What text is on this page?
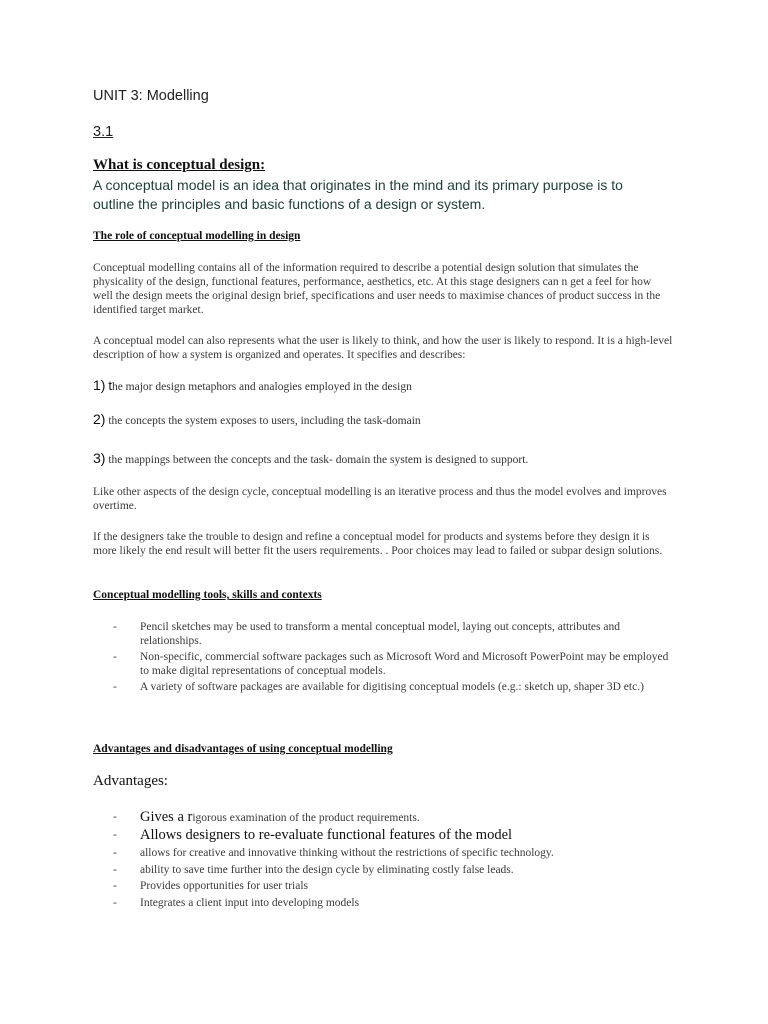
UNIT 3: Modelling
3.1
What is conceptual design:
A conceptual model is an idea that originates in the mind and its primary purpose is to outline the principles and basic functions of a design or system.
The role of conceptual modelling in design
Conceptual modelling contains all of the information required to describe a potential design solution that simulates the physicality of the design, functional features, performance, aesthetics, etc. At this stage designers can n get a feel for how well the design meets the original design brief, specifications and user needs to maximise chances of product success in the identified target market.
A conceptual model can also represents what the user is likely to think, and how the user is likely to respond. It is a high-level description of how a system is organized and operates. It specifies and describes:
1) the major design metaphors and analogies employed in the design
2) the concepts the system exposes to users, including the task-domain
3) the mappings between the concepts and the task- domain the system is designed to support.
Like other aspects of the design cycle, conceptual modelling is an iterative process and thus the model evolves and improves overtime.
If the designers take the trouble to design and refine a conceptual model for products and systems before they design it is more likely the end result will better fit the users requirements. . Poor choices may lead to failed or subpar design solutions.
Conceptual modelling tools, skills and contexts
- Pencil sketches may be used to transform a mental conceptual model, laying out concepts, attributes and relationships.
- Non-specific, commercial software packages such as Microsoft Word and Microsoft PowerPoint may be employed to make digital representations of conceptual models.
- A variety of software packages are available for digitising conceptual models (e.g.: sketch up, shaper 3D etc.)
Advantages and disadvantages of using conceptual modelling
Advantages:
- Gives a rigorous examination of the product requirements.
- Allows designers to re-evaluate functional features of the model
- allows for creative and innovative thinking without the restrictions of specific technology.
- ability to save time further into the design cycle by eliminating costly false leads.
- Provides opportunities for user trials
- Integrates a client input into developing models
